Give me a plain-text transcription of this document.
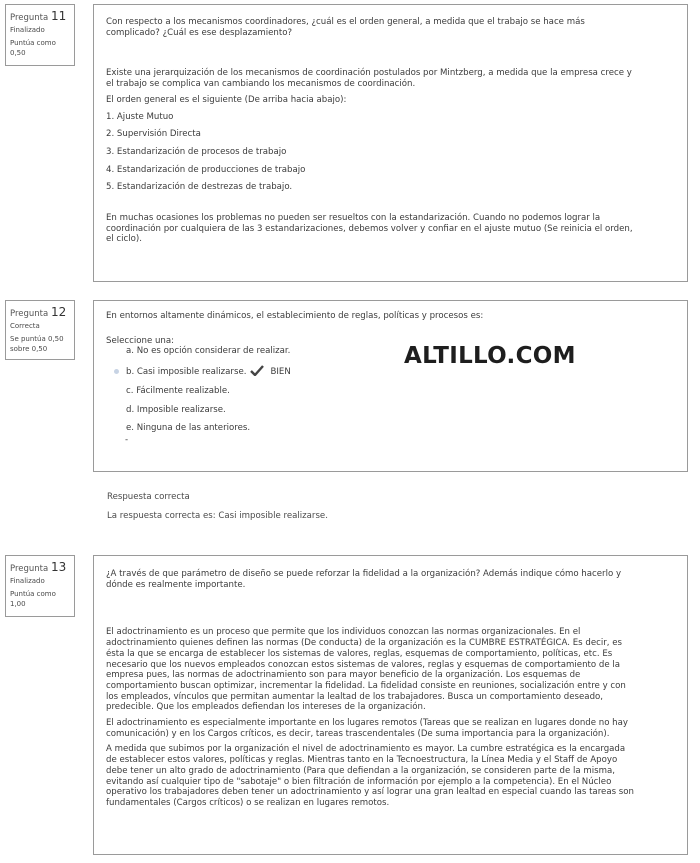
Pregunta 11
Finalizado
Puntúa como
0,50
Con respecto a los mecanismos coordinadores, ¿cuál es el orden general, a medida que el trabajo se hace más
complicado? ¿Cuál es ese desplazamiento?
Existe una jerarquización de los mecanismos de coordinación postulados por Mintzberg, a medida que la empresa crece y
el trabajo se complica van cambiando los mecanismos de coordinación.
El orden general es el siguiente (De arriba hacia abajo):
1. Ajuste Mutuo
2. Supervisión Directa
3. Estandarización de procesos de trabajo
4. Estandarización de producciones de trabajo
5. Estandarización de destrezas de trabajo.
En muchas ocasiones los problemas no pueden ser resueltos con la estandarización. Cuando no podemos lograr la
coordinación por cualquiera de las 3 estandarizaciones, debemos volver y confiar en el ajuste mutuo (Se reinicia el orden,
el ciclo).
Pregunta 12
Correcta
Se puntúa 0,50
sobre 0,50
En entornos altamente dinámicos, el establecimiento de reglas, políticas y procesos es:
Seleccione una:
a. No es opción considerar de realizar.
b. Casi imposible realizarse.	BIEN
c. Fácilmente realizable.
d. Imposible realizarse.
e. Ninguna de las anteriores.
-
ALTILLO.COM
Respuesta correcta
La respuesta correcta es: Casi imposible realizarse.
Pregunta 13
Finalizado
Puntúa como
1,00
¿A través de que parámetro de diseño se puede reforzar la fidelidad a la organización? Además indique cómo hacerlo y
dónde es realmente importante.
El adoctrinamiento es un proceso que permite que los individuos conozcan las normas organizacionales. En el
adoctrinamiento quienes definen las normas (De conducta) de la organización es la CUMBRE ESTRATÉGICA. Es decir, es
ésta la que se encarga de establecer los sistemas de valores, reglas, esquemas de comportamiento, políticas, etc. Es
necesario que los nuevos empleados conozcan estos sistemas de valores, reglas y esquemas de comportamiento de la
empresa pues, las normas de adoctrinamiento son para mayor beneficio de la organización. Los esquemas de
comportamiento buscan optimizar, incrementar la fidelidad. La fidelidad consiste en reuniones, socialización entre y con
los empleados, vínculos que permitan aumentar la lealtad de los trabajadores. Busca un comportamiento deseado,
predecible. Que los empleados defiendan los intereses de la organización.
El adoctrinamiento es especialmente importante en los lugares remotos (Tareas que se realizan en lugares donde no hay
comunicación) y en los Cargos críticos, es decir, tareas trascendentales (De suma importancia para la organización).
A medida que subimos por la organización el nivel de adoctrinamiento es mayor. La cumbre estratégica es la encargada
de establecer estos valores, políticas y reglas. Mientras tanto en la Tecnoestructura, la Línea Media y el Staff de Apoyo
debe tener un alto grado de adoctrinamiento (Para que defiendan a la organización, se consideren parte de la misma,
evitando así cualquier tipo de "sabotaje" o bien filtración de información por ejemplo a la competencia). En el Núcleo
operativo los trabajadores deben tener un adoctrinamiento y así lograr una gran lealtad en especial cuando las tareas son
fundamentales (Cargos críticos) o se realizan en lugares remotos.
